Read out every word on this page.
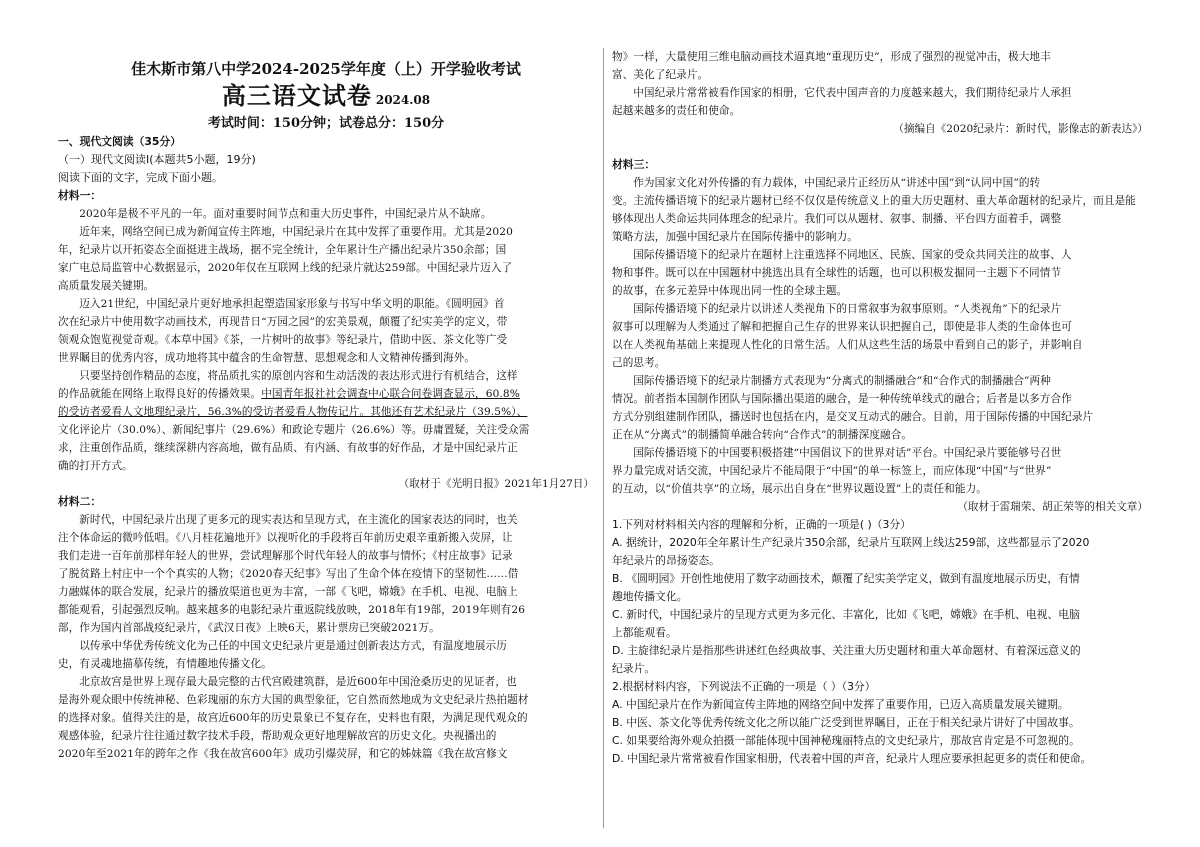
佳木斯市第八中学2024-2025学年度（上）开学验收考试

高三语文试卷 2024.08

考试时间：150分钟；试卷总分：150分

一、现代文阅读（35分）

（一）现代文阅读Ⅰ(本题共5小题，19分)

阅读下面的文字，完成下面小题。

材料一：

2020年是极不平凡的一年。面对重要时间节点和重大历史事件，中国纪录片从不缺席。

近年来，网络空间已成为新闻宣传主阵地，中国纪录片在其中发挥了重要作用。尤其是2020

年，纪录片以开拓姿态全面挺进主战场，据不完全统计，全年累计生产播出纪录片350余部；国

家广电总局监管中心数据显示，2020年仅在互联网上线的纪录片就达259部。中国纪录片迈入了

高质量发展关键期。

迈入21世纪，中国纪录片更好地承担起塑造国家形象与书写中华文明的职能。《圆明园》首

次在纪录片中使用数字动画技术，再现昔日“万园之园”的宏美景观，颠覆了纪实美学的定义，带

领观众饱览视觉奇观。《本草中国》《茶，一片树叶的故事》等纪录片，借助中医、茶文化等广受

世界瞩目的优秀内容，成功地将其中蕴含的生命智慧、思想观念和人文精神传播到海外。

只要坚持创作精品的态度，将品质扎实的原创内容和生动活泼的表达形式进行有机结合，这样

的作品就能在网络上取得良好的传播效果。中国青年报社社会调查中心联合问卷调查显示，60.8%

的受访者爱看人文地理纪录片，56.3%的受访者爱看人物传记片。其他还有艺术纪录片（39.5%）、

文化评论片（30.0%）、新闻纪事片（29.6%）和政论专题片（26.6%）等。毋庸置疑，关注受众需

求，注重创作品质，继续深耕内容高地，做有品质、有内涵、有故事的好作品，才是中国纪录片正

确的打开方式。

（取材于《光明日报》2021年1月27日）

材料二：

新时代，中国纪录片出现了更多元的现实表达和呈现方式，在主流化的国家表达的同时，也关

注个体命运的微吟低唱。《八月桂花遍地开》以视听化的手段将百年前历史艰辛重新搬入荧屏，让

我们走进一百年前那样年轻人的世界，尝试理解那个时代年轻人的故事与情怀；《村庄故事》记录

了脱贫路上村庄中一个个真实的人物；《2020春天纪事》写出了生命个体在疫情下的坚韧性……借

力融媒体的联合发展，纪录片的播放渠道也更为丰富，一部《飞吧，嫦娥》在手机、电视、电脑上

都能观看，引起强烈反响。越来越多的电影纪录片重返院线放映，2018年有19部，2019年则有26

部，作为国内首部战疫纪录片，《武汉日夜》上映6天，累计票房已突破2021万。

以传承中华优秀传统文化为己任的中国文史纪录片更是通过创新表达方式，有温度地展示历

史，有灵魂地描摹传统，有情趣地传播文化。

北京故宫是世界上现存最大最完整的古代宫殿建筑群，是近600年中国沧桑历史的见证者，也

是海外观众眼中传统神秘、色彩瑰丽的东方大国的典型象征，它自然而然地成为文史纪录片热拍题材

的选择对象。值得关注的是，故宫近600年的历史景象已不复存在，史料也有限，为满足现代观众的

观感体验，纪录片往往通过数字技术手段，帮助观众更好地理解故宫的历史文化。央视播出的

2020年至2021年的跨年之作《我在故宫600年》成功引爆荧屏，和它的姊妹篇《我在故宫修文

物》一样，大量使用三维电脑动画技术逼真地“重现历史”，形成了强烈的视觉冲击，极大地丰

富、美化了纪录片。

中国纪录片常常被看作国家的相册，它代表中国声音的力度越来越大，我们期待纪录片人承担

起越来越多的责任和使命。

（摘编自《2020纪录片：新时代，影像志的新表达》）

材料三：

作为国家文化对外传播的有力载体，中国纪录片正经历从“讲述中国”到“认同中国”的转

变。主流传播语境下的纪录片题材已经不仅仅是传统意义上的重大历史题材、重大革命题材的纪录片，而且是能

够体现出人类命运共同体理念的纪录片。我们可以从题材、叙事、制播、平台四方面着手，调整

策略方法，加强中国纪录片在国际传播中的影响力。

国际传播语境下的纪录片在题材上注重选择不同地区、民族、国家的受众共同关注的故事、人

物和事件。既可以在中国题材中挑选出具有全球性的话题，也可以积极发掘同一主题下不同情节

的故事，在多元差异中体现出同一性的全球主题。

国际传播语境下的纪录片以讲述人类视角下的日常叙事为叙事原则。“人类视角”下的纪录片

叙事可以理解为人类通过了解和把握自己生存的世界来认识把握自己，即使是非人类的生命体也可

以在人类视角基础上来提现人性化的日常生活。人们从这些生活的场景中看到自己的影子，并影响自

己的思考。

国际传播语境下的纪录片制播方式表现为“分离式的制播融合”和“合作式的制播融合”两种

情况。前者指本国制作团队与国际播出渠道的融合，是一种传统单线式的融合；后者是以多方合作

方式分别组建制作团队，播送时也包括在内，是交叉互动式的融合。目前，用于国际传播的中国纪录片

正在从“分离式”的制播简单融合转向“合作式”的制播深度融合。

国际传播语境下的中国要积极搭建“中国倡议下的世界对话”平台。中国纪录片要能够号召世

界力量完成对话交流，中国纪录片不能局限于“中国”的单一标签上，而应体现“中国”与“世界”

的互动，以“价值共享”的立场，展示出自身在“世界议题设置”上的责任和能力。

（取材于雷瑞荣、胡正荣等的相关文章）

1.下列对材料相关内容的理解和分析，正确的一项是( )（3分）

A. 据统计，2020年全年累计生产纪录片350余部，纪录片互联网上线达259部，这些都显示了2020

年纪录片的昂扬姿态。

B. 《圆明园》开创性地使用了数字动画技术，颠覆了纪实美学定义，做到有温度地展示历史，有情

趣地传播文化。

C. 新时代，中国纪录片的呈现方式更为多元化、丰富化，比如《飞吧，嫦娥》在手机、电视、电脑

上都能观看。

D. 主旋律纪录片是指那些讲述红色经典故事、关注重大历史题材和重大革命题材、有着深远意义的

纪录片。

2.根据材料内容，下列说法不正确的一项是（ ）（3分）

A. 中国纪录片在作为新闻宣传主阵地的网络空间中发挥了重要作用，已迈入高质量发展关键期。

B. 中医、茶文化等优秀传统文化之所以能广泛受到世界瞩目，正在于相关纪录片讲好了中国故事。

C. 如果要给海外观众拍摄一部能体现中国神秘瑰丽特点的文史纪录片，那故宫肯定是不可忽视的。

D. 中国纪录片常常被看作国家相册，代表着中国的声音，纪录片人理应要承担起更多的责任和使命。
